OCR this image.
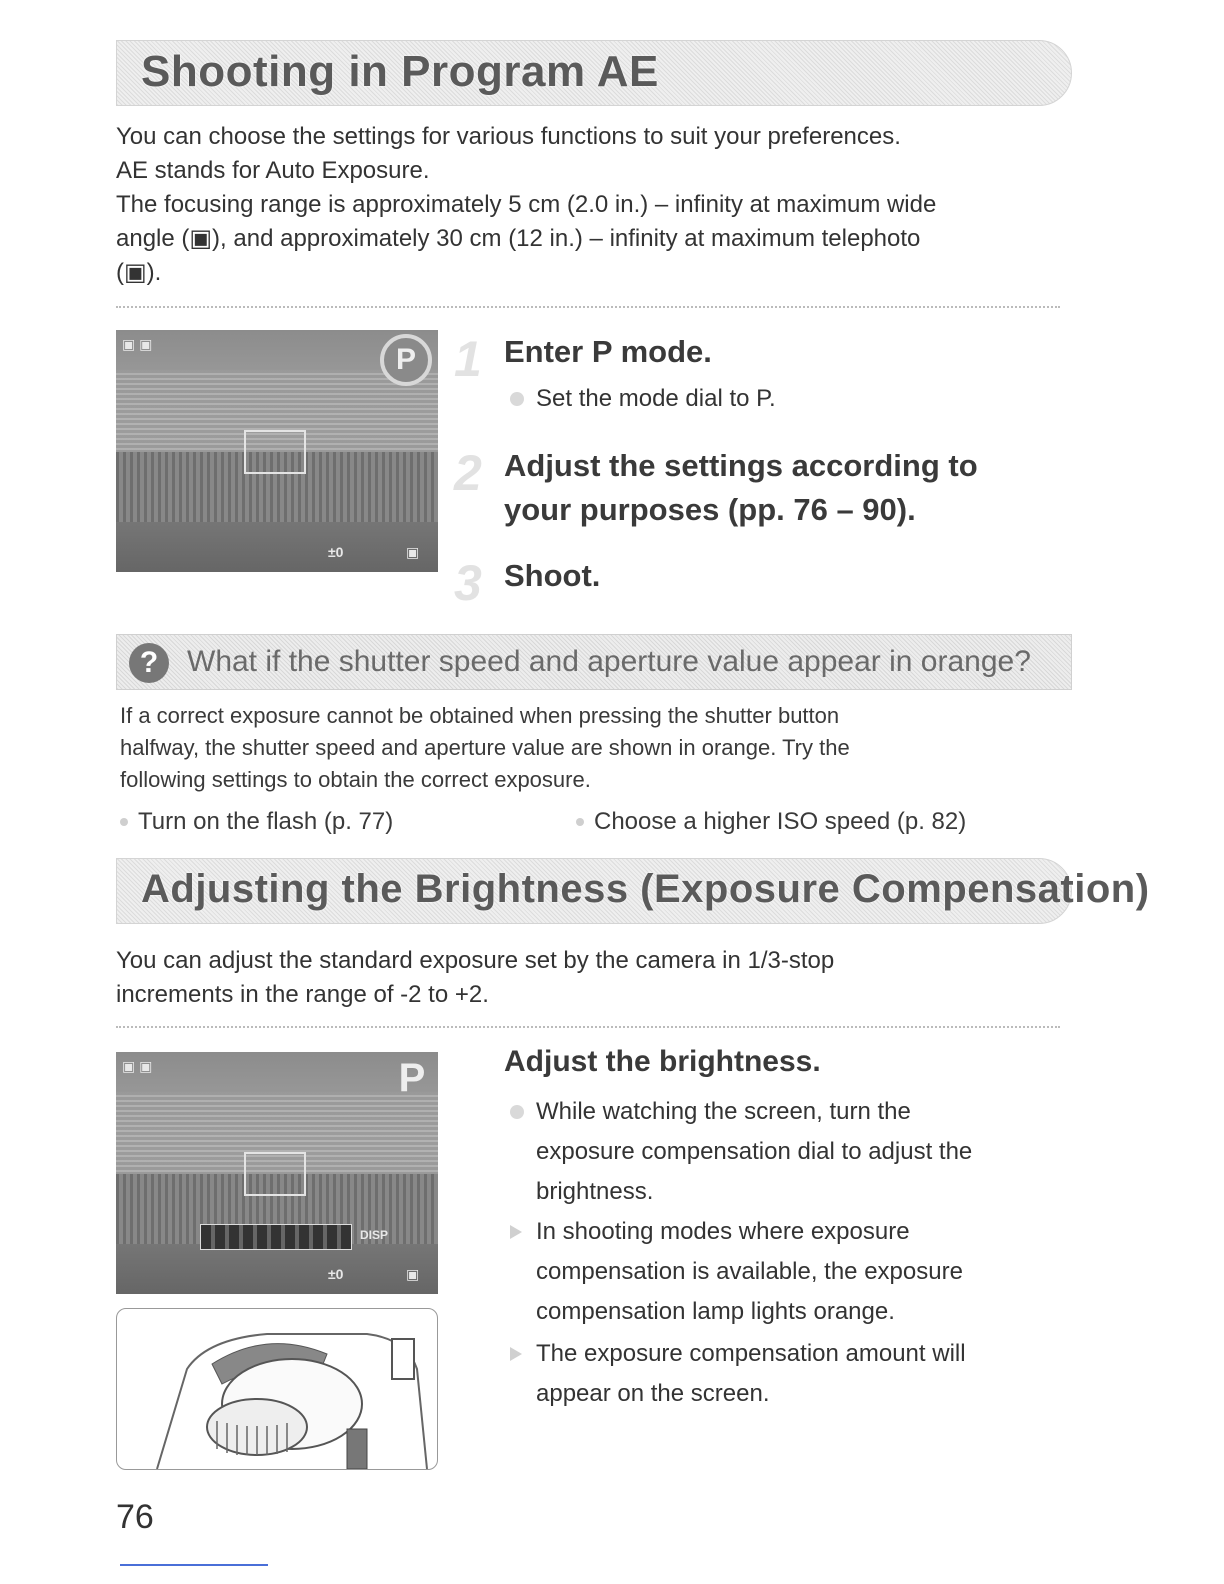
Shooting in Program AE
You can choose the settings for various functions to suit your preferences.
AE stands for Auto Exposure.
The focusing range is approximately 5 cm (2.0 in.) – infinity at maximum wide
angle (▣), and approximately 30 cm (12 in.) – infinity at maximum telephoto
(▣).
▣ ▣
±0	▣
P 1 Enter P mode.
Set the mode dial to P.
2 Adjust the settings according to
your purposes (pp. 76 – 90).
3 Shoot.
? What if the shutter speed and aperture value appear in orange?
If a correct exposure cannot be obtained when pressing the shutter button
halfway, the shutter speed and aperture value are shown in orange. Try the
following settings to obtain the correct exposure.
Turn on the flash (p. 77)	Choose a higher ISO speed (p. 82)
Adjusting the Brightness (Exposure Compensation)
You can adjust the standard exposure set by the camera in 1/3-stop
increments in the range of -2 to +2.
▣ ▣
DISP
±0	▣
P	Adjust the brightness.
While watching the screen, turn the
exposure compensation dial to adjust the
brightness.
In shooting modes where exposure
compensation is available, the exposure
compensation lamp lights orange.
The exposure compensation amount will
appear on the screen.
76
